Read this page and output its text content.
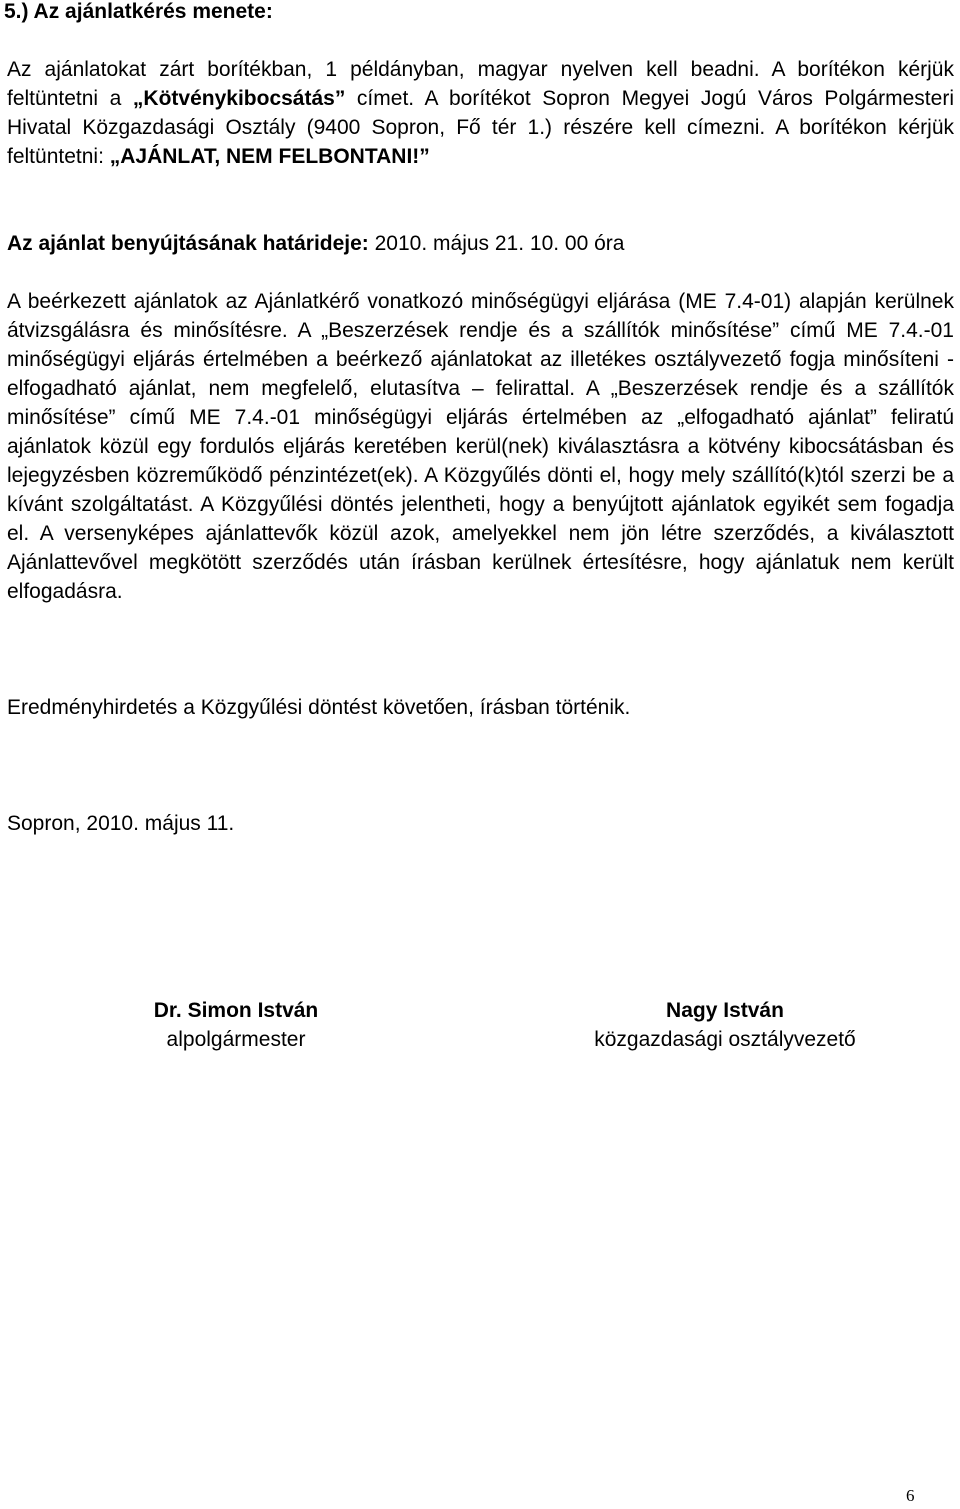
5.) Az ajánlatkérés menete:

Az ajánlatokat zárt borítékban, 1 példányban, magyar nyelven kell beadni. A borítékon kérjük feltüntetni a „Kötvénykibocsátás” címet. A borítékot Sopron Megyei Jogú Város Polgármesteri Hivatal Közgazdasági Osztály (9400 Sopron, Fő tér 1.) részére kell címezni. A borítékon kérjük feltüntetni: „AJÁNLAT, NEM FELBONTANI!”

Az ajánlat benyújtásának határideje: 2010. május 21. 10. 00 óra

A beérkezett ajánlatok az Ajánlatkérő vonatkozó minőségügyi eljárása (ME 7.4-01) alapján kerülnek átvizsgálásra és minősítésre. A „Beszerzések rendje és a szállítók minősítése” című ME 7.4.-01 minőségügyi eljárás értelmében a beérkező ajánlatokat az illetékes osztályvezető fogja minősíteni - elfogadható ajánlat, nem megfelelő, elutasítva – felirattal. A „Beszerzések rendje és a szállítók minősítése” című ME 7.4.-01 minőségügyi eljárás értelmében az „elfogadható ajánlat” feliratú ajánlatok közül egy fordulós eljárás keretében kerül(nek) kiválasztásra a kötvény kibocsátásban és lejegyzésben közreműködő pénzintézet(ek). A Közgyűlés dönti el, hogy mely szállító(k)tól szerzi be a kívánt szolgáltatást. A Közgyűlési döntés jelentheti, hogy a benyújtott ajánlatok egyikét sem fogadja el. A versenyképes ajánlattevők közül azok, amelyekkel nem jön létre szerződés, a kiválasztott Ajánlattevővel megkötött szerződés után írásban kerülnek értesítésre, hogy ajánlatuk nem került elfogadásra.

Eredményhirdetés a Közgyűlési döntést követően, írásban történik.

Sopron, 2010. május 11.

Dr. Simon István
alpolgármester
Nagy István
közgazdasági osztályvezető
6
